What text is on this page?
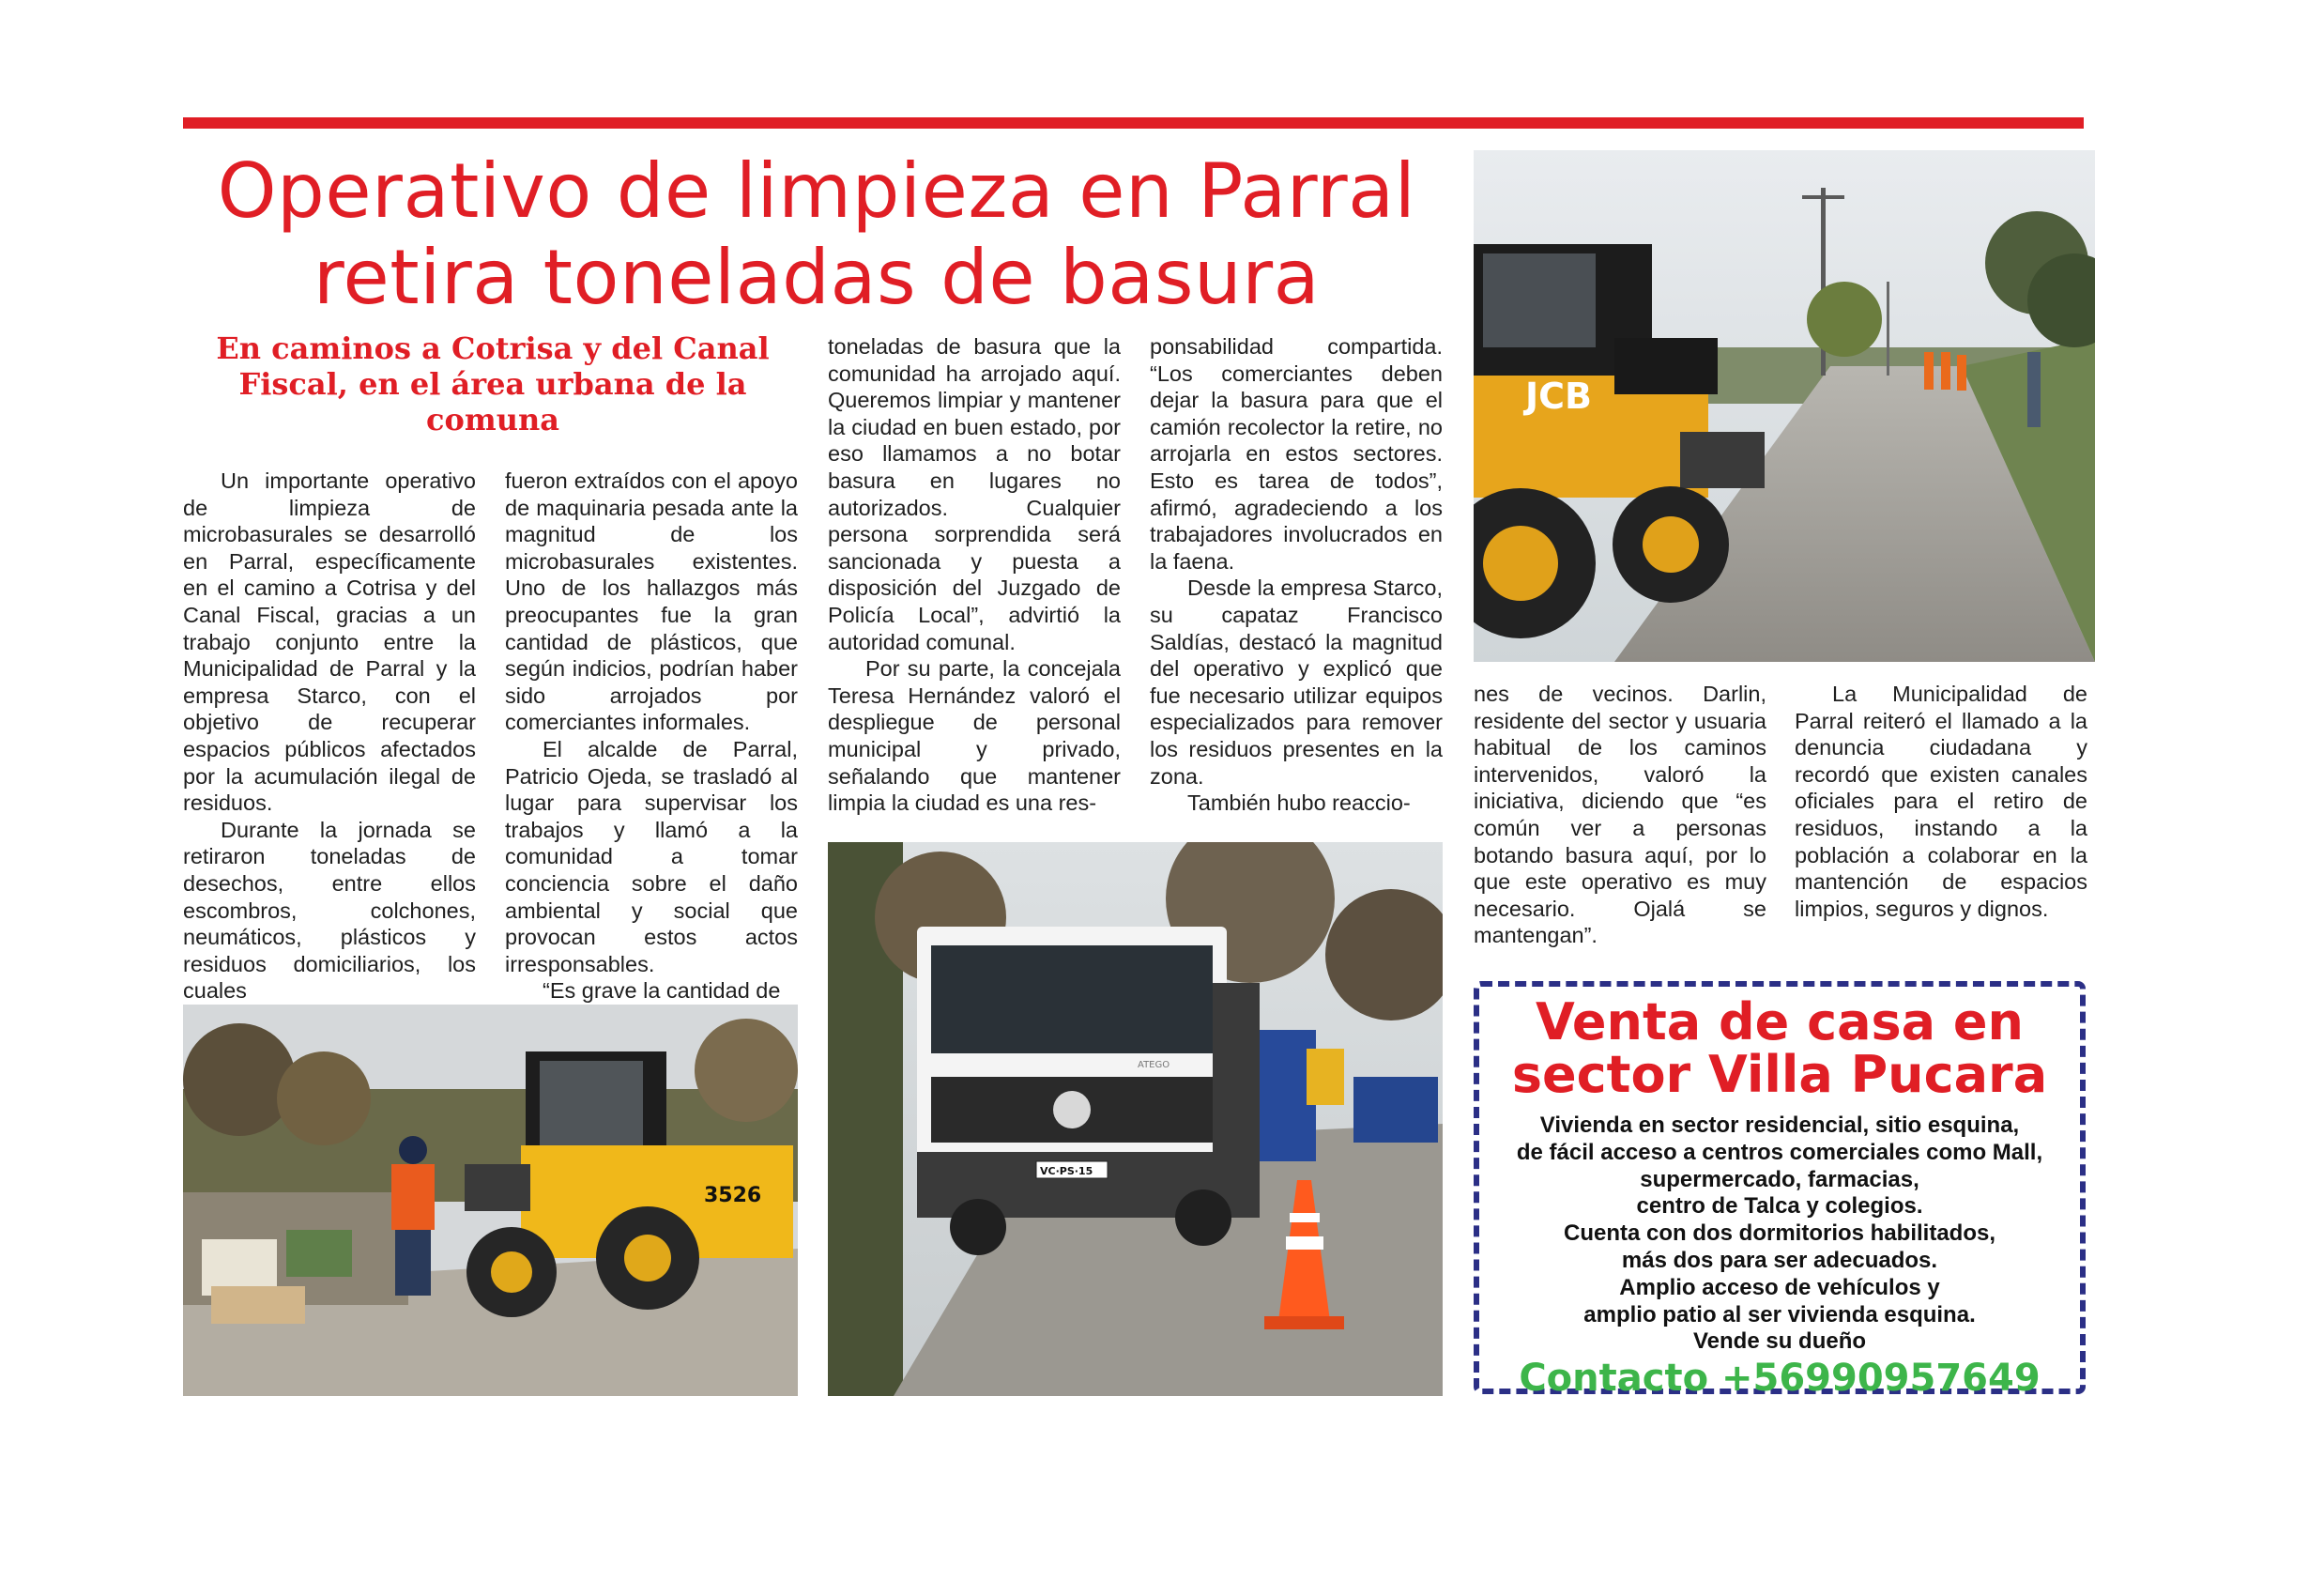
Operativo de limpieza en Parral
retira toneladas de basura
En caminos a Cotrisa y del Canal Fiscal, en el área urbana de la comuna

Un importante operativo de limpieza de microbasurales se desarrolló en Parral, específicamente en el camino a Cotrisa y del Canal Fiscal, gracias a un trabajo conjunto entre la Municipalidad de Parral y la empresa Starco, con el objetivo de recuperar espacios públicos afectados por la acumulación ilegal de residuos.

Durante la jornada se retiraron toneladas de desechos, entre ellos escombros, colchones, neumáticos, plásticos y residuos domiciliarios, los cuales

fueron extraídos con el apoyo de maquinaria pesada ante la magnitud de los microbasurales existentes. Uno de los hallazgos más preocupantes fue la gran cantidad de plásticos, que según indicios, podrían haber sido arrojados por comerciantes informales.

El alcalde de Parral, Patricio Ojeda, se trasladó al lugar para supervisar los trabajos y llamó a la comunidad a tomar conciencia sobre el daño ambiental y social que provocan estos actos irresponsables.

“Es grave la cantidad de

toneladas de basura que la comunidad ha arrojado aquí. Queremos limpiar y mantener la ciudad en buen estado, por eso llamamos a no botar basura en lugares no autorizados. Cualquier persona sorprendida será sancionada y puesta a disposición del Juzgado de Policía Local”, advirtió la autoridad comunal.

Por su parte, la concejala Teresa Hernández valoró el despliegue de personal municipal y privado, señalando que mantener limpia la ciudad es una res-

ponsabilidad compartida. “Los comerciantes deben dejar la basura para que el camión recolector la retire, no arrojarla en estos sectores. Esto es tarea de todos”, afirmó, agradeciendo a los trabajadores involucrados en la faena.

Desde la empresa Starco, su capataz Francisco Saldías, destacó la magnitud del operativo y explicó que fue necesario utilizar equipos especializados para remover los residuos presentes en la zona.

También hubo reaccio-

nes de vecinos. Darlin, residente del sector y usuaria habitual de los caminos intervenidos, valoró la iniciativa, diciendo que “es común ver a personas botando basura aquí, por lo que este operativo es muy necesario. Ojalá se mantengan”.

La Municipalidad de Parral reiteró el llamado a la denuncia ciudadana y recordó que existen canales oficiales para el retiro de residuos, instando a la población a colaborar en la mantención de espacios limpios, seguros y dignos.

JCB
3526
VC·PS·15
ATEGO
Venta de casa en
sector Villa Pucara
Vivienda en sector residencial, sitio esquina,
de fácil acceso a centros comerciales como Mall,
supermercado, farmacias,
centro de Talca y colegios.
Cuenta con dos dormitorios habilitados,
más dos para ser adecuados.
Amplio acceso de vehículos y
amplio patio al ser vivienda esquina.
Vende su dueño
Contacto +56990957649
